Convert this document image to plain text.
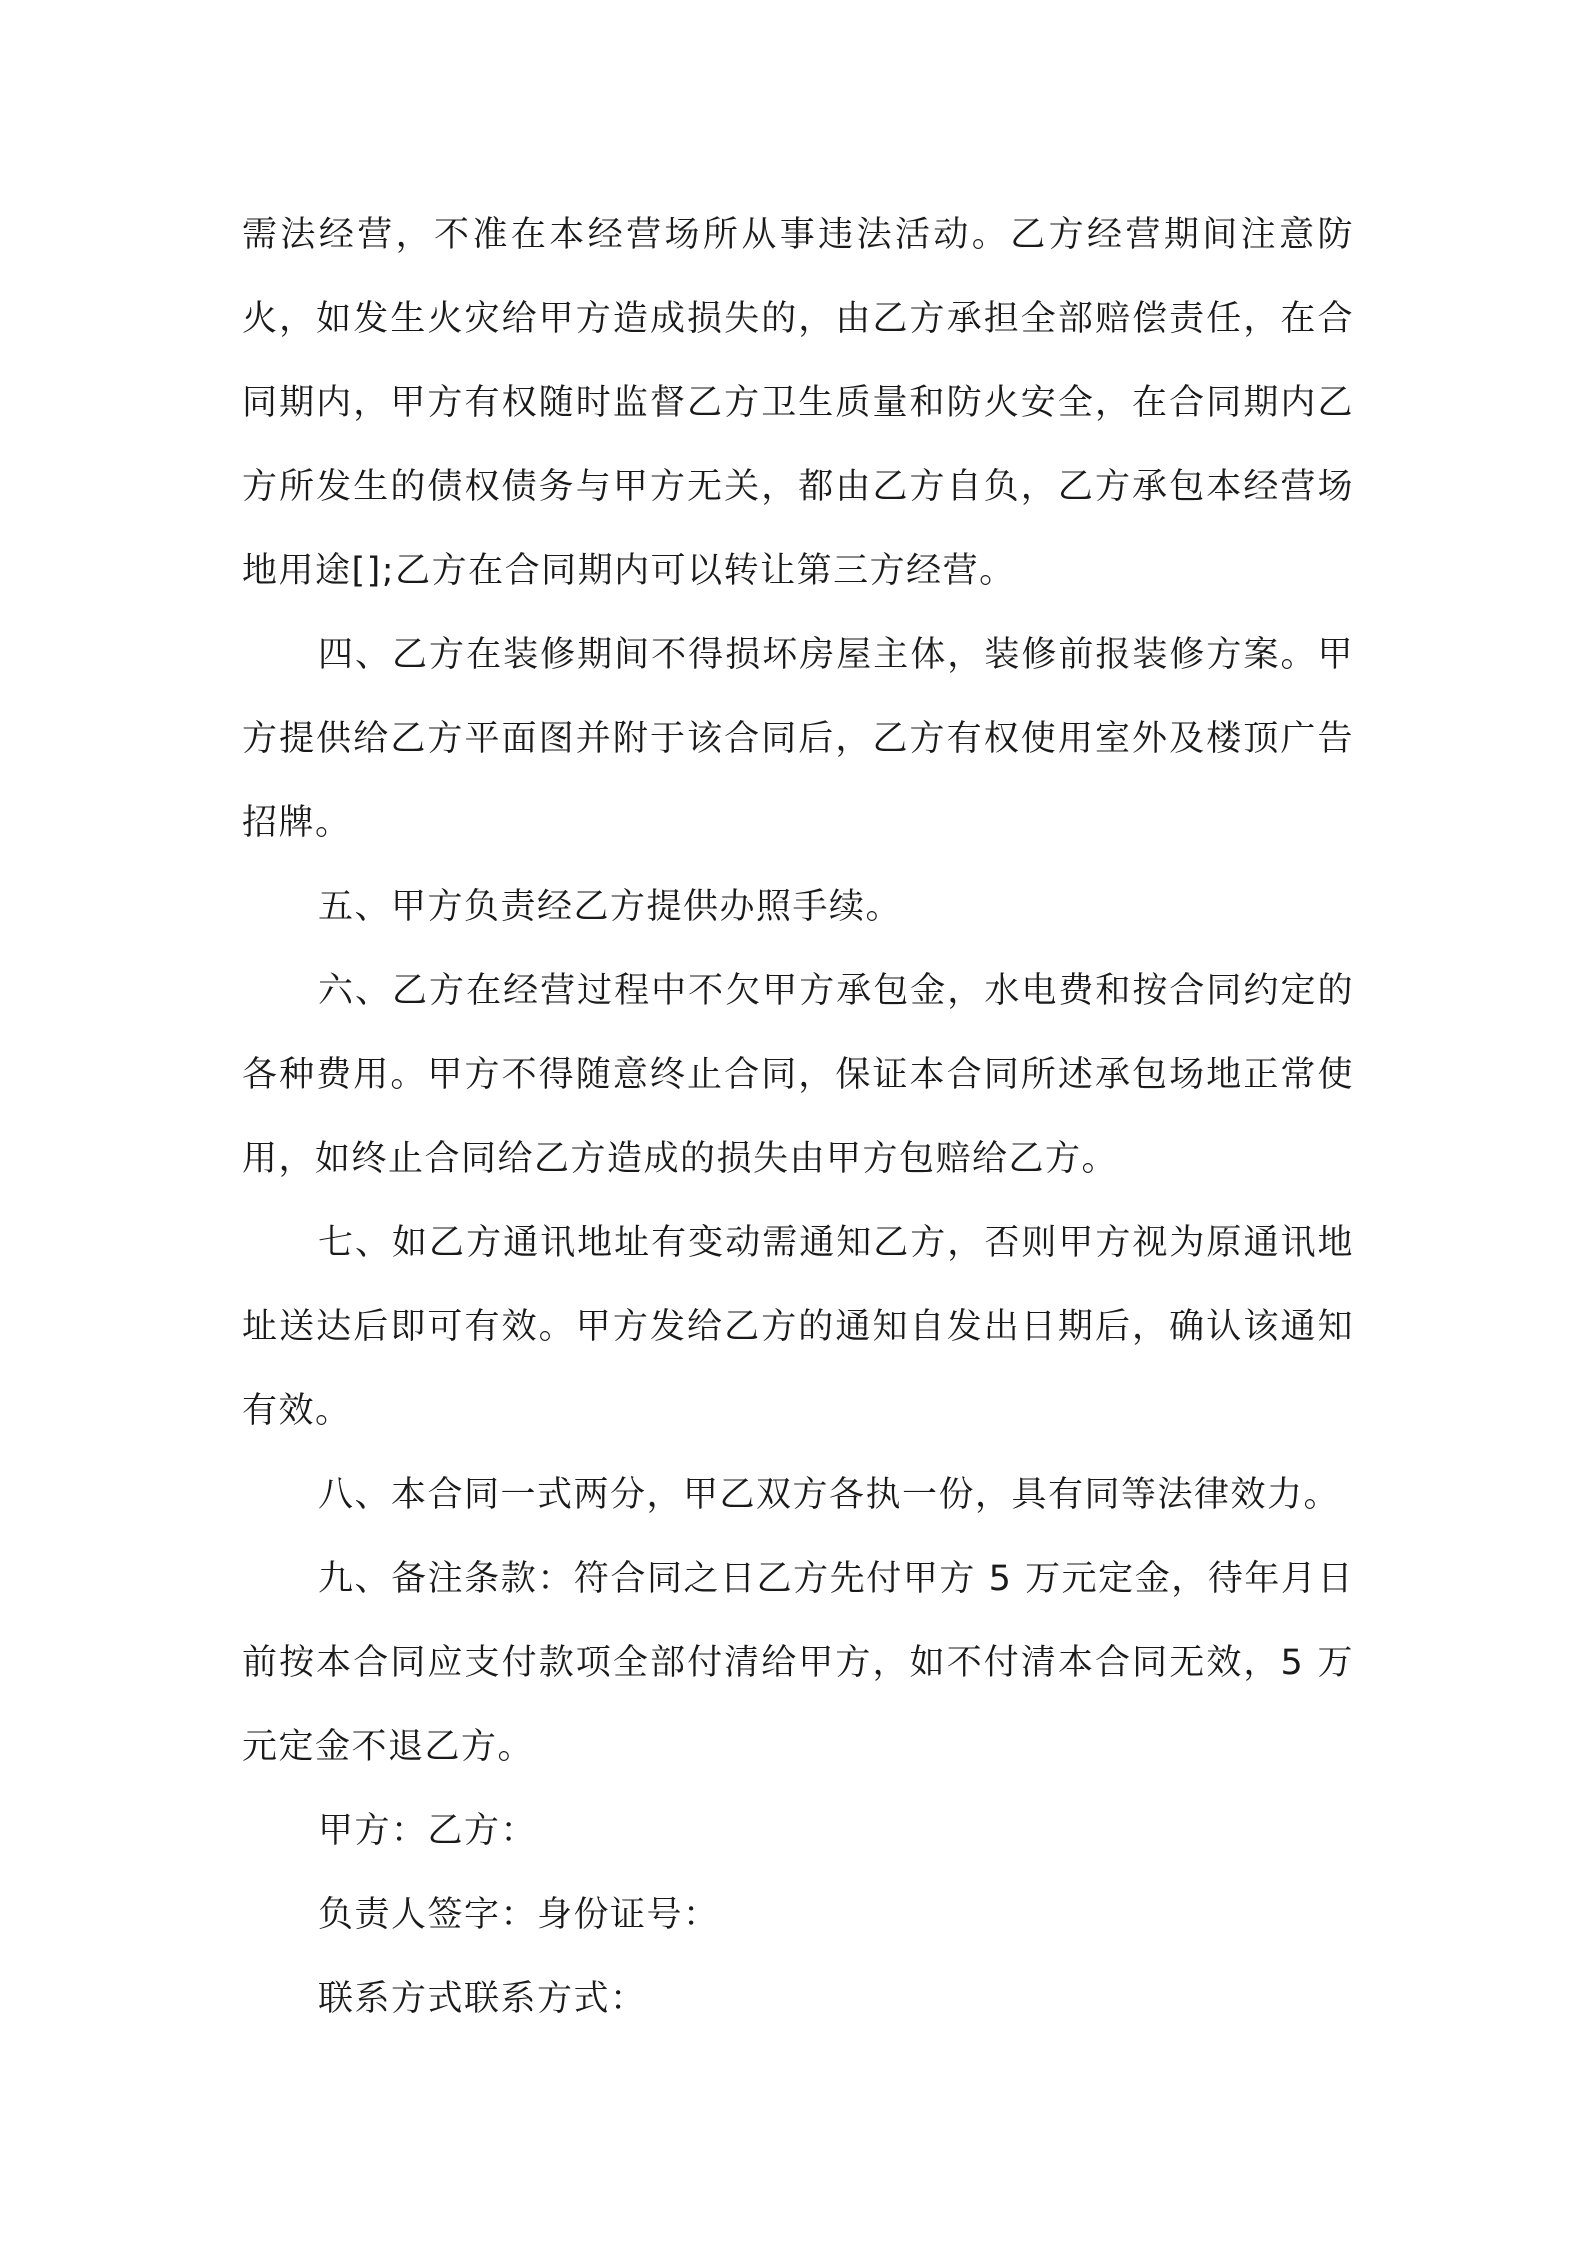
需法经营，不准在本经营场所从事违法活动。乙方经营期间注意防火，如发生火灾给甲方造成损失的，由乙方承担全部赔偿责任，在合同期内，甲方有权随时监督乙方卫生质量和防火安全，在合同期内乙方所发生的债权债务与甲方无关，都由乙方自负，乙方承包本经营场地用途[];乙方在合同期内可以转让第三方经营。

四、乙方在装修期间不得损坏房屋主体，装修前报装修方案。甲方提供给乙方平面图并附于该合同后，乙方有权使用室外及楼顶广告招牌。

五、甲方负责经乙方提供办照手续。

六、乙方在经营过程中不欠甲方承包金，水电费和按合同约定的各种费用。甲方不得随意终止合同，保证本合同所述承包场地正常使用，如终止合同给乙方造成的损失由甲方包赔给乙方。

七、如乙方通讯地址有变动需通知乙方，否则甲方视为原通讯地址送达后即可有效。甲方发给乙方的通知自发出日期后，确认该通知有效。

八、本合同一式两分，甲乙双方各执一份，具有同等法律效力。

九、备注条款：符合同之日乙方先付甲方 5 万元定金，待年月日前按本合同应支付款项全部付清给甲方，如不付清本合同无效，5 万元定金不退乙方。

甲方：乙方：

负责人签字：身份证号：

联系方式联系方式：
